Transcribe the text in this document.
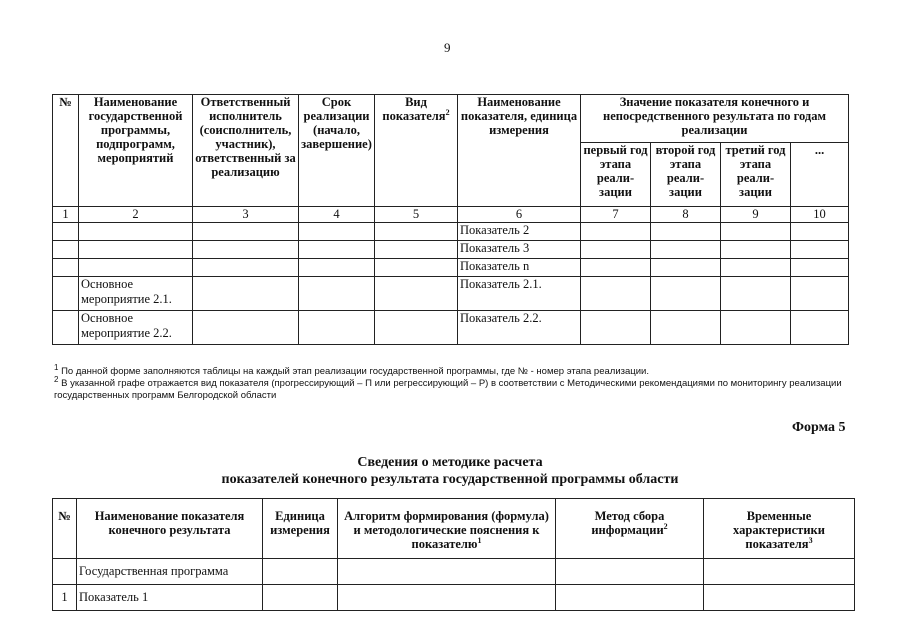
9
№	Наименование государственной программы, подпрограмм, мероприятий	Ответственный исполнитель (соисполнитель, участник), ответственный за реализацию	Срок реализации (начало, завершение)	Вид показателя$^2$	Наименование показателя, единица измерения	Значение показателя конечного и непосредственного результата по годам реализации			
						первый год этапа реали-зации	второй год этапа реали-зации	третий год этапа реали-зации	...
1	2	3	4	5	6	7	8	9	10
					Показатель 2				
					Показатель 3				
					Показатель n				
	Основное мероприятие 2.1.				Показатель 2.1.				
	Основное мероприятие 2.2.				Показатель 2.2.				
$^1$ По данной форме заполняются таблицы на каждый этап реализации государственной программы, где № - номер этапа реализации.
$^2$ В указанной графе отражается вид показателя (прогрессирующий – П или регрессирующий – Р) в соответствии с Методическими рекомендациями по мониторингу реализации государственных программ Белгородской области
Форма 5
Сведения о методике расчета
показателей конечного результата государственной программы области
№	Наименование показателя конечного результата	Единица измерения	Алгоритм формирования (формула) и методологические пояснения к показателю$^1$	Метод сбора информации$^2$	Временные характеристики показателя$^3$
	Государственная программа				
1	Показатель 1				
